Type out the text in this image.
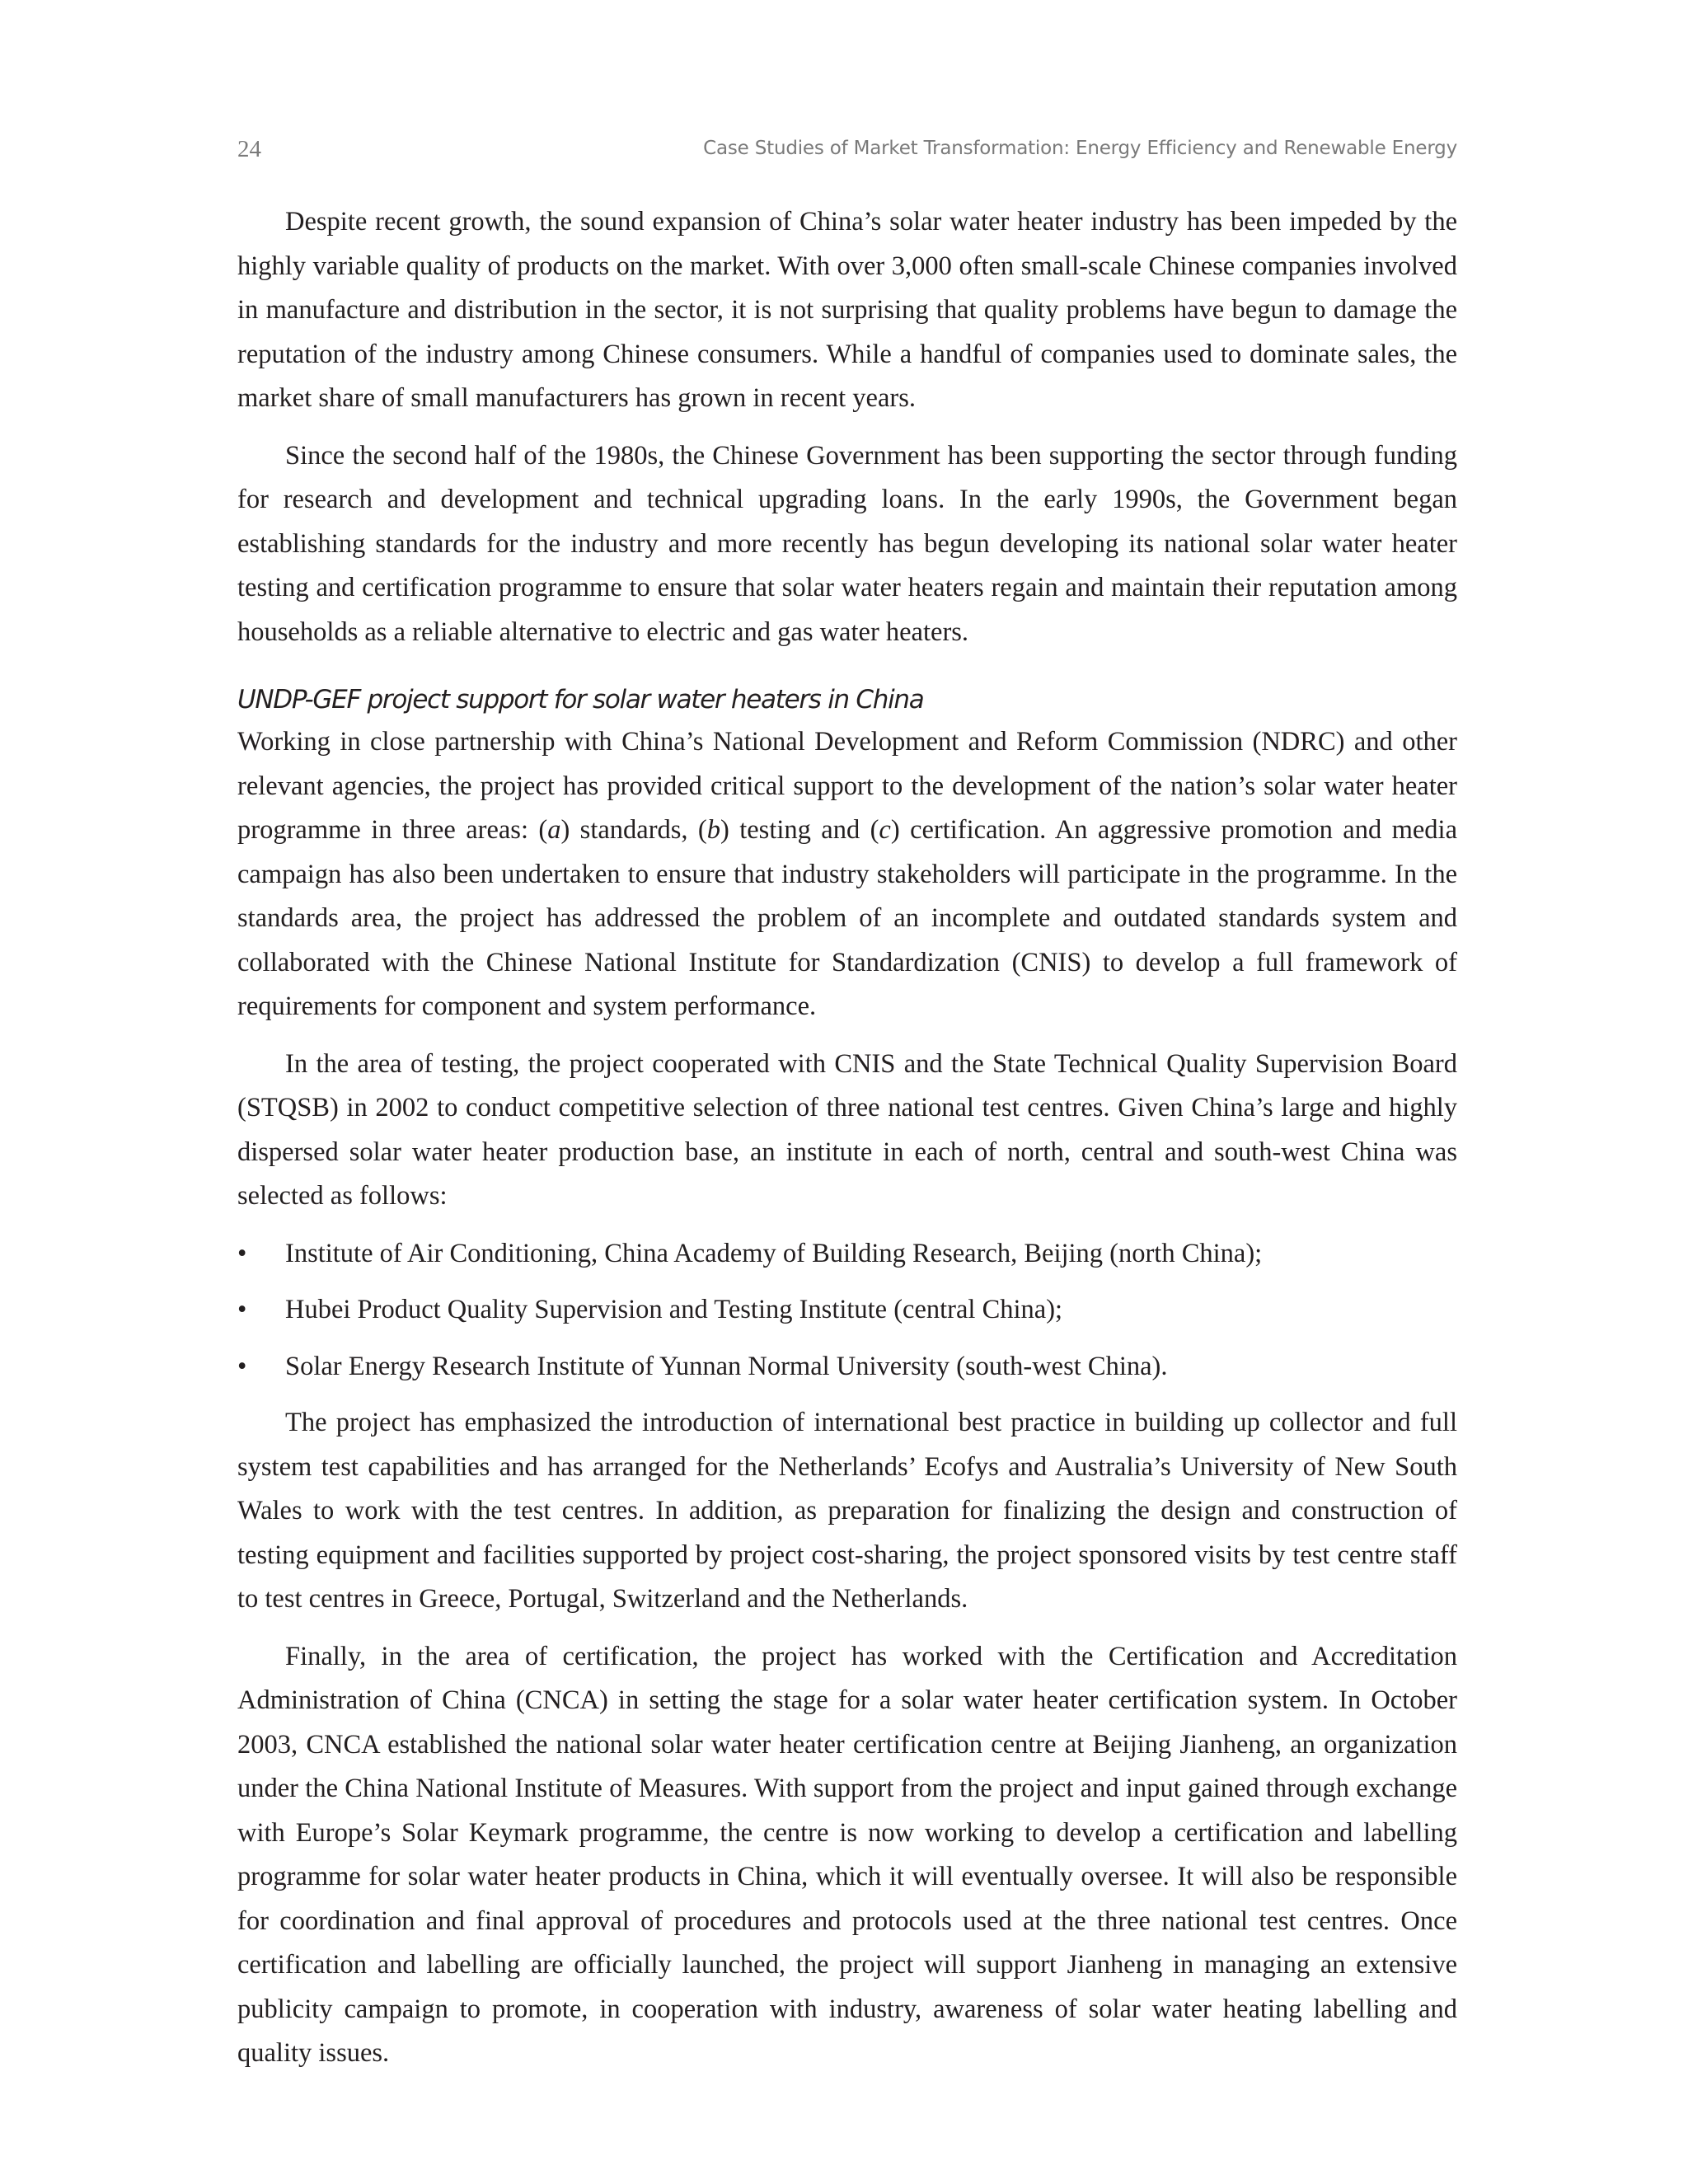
24	Case Studies of Market Transformation: Energy Efficiency and Renewable Energy

Despite recent growth, the sound expansion of China’s solar water heater industry has been impeded by the highly variable quality of products on the market. With over 3,000 often small-scale Chinese companies involved in manufacture and distribution in the sector, it is not surprising that quality problems have begun to damage the reputation of the industry among Chinese consumers. While a handful of companies used to dominate sales, the market share of small manufacturers has grown in recent years.

Since the second half of the 1980s, the Chinese Government has been supporting the sector through funding for research and development and technical upgrading loans. In the early 1990s, the Government began establishing standards for the industry and more recently has begun developing its national solar water heater testing and certification programme to ensure that solar water heaters regain and maintain their reputation among households as a reliable alternative to electric and gas water heaters.

UNDP-GEF project support for solar water heaters in China

Working in close partnership with China’s National Development and Reform Commission (NDRC) and other relevant agencies, the project has provided critical support to the development of the nation’s solar water heater programme in three areas: (a) standards, (b) testing and (c) certification. An aggressive promotion and media campaign has also been undertaken to ensure that industry stakeholders will participate in the programme. In the standards area, the project has addressed the problem of an incomplete and outdated standards system and collaborated with the Chinese National Institute for Standardization (CNIS) to develop a full framework of requirements for component and system performance.

In the area of testing, the project cooperated with CNIS and the State Technical Quality Supervision Board (STQSB) in 2002 to conduct competitive selection of three national test centres. Given China’s large and highly dispersed solar water heater production base, an institute in each of north, central and south-west China was selected as follows:

• Institute of Air Conditioning, China Academy of Building Research, Beijing (north China);
• Hubei Product Quality Supervision and Testing Institute (central China);
• Solar Energy Research Institute of Yunnan Normal University (south-west China).

The project has emphasized the introduction of international best practice in building up collector and full system test capabilities and has arranged for the Netherlands’ Ecofys and Australia’s University of New South Wales to work with the test centres. In addition, as preparation for finalizing the design and construction of testing equipment and facilities supported by project cost-sharing, the project sponsored visits by test centre staff to test centres in Greece, Portugal, Switzerland and the Netherlands.

Finally, in the area of certification, the project has worked with the Certification and Accreditation Administration of China (CNCA) in setting the stage for a solar water heater certification system. In October 2003, CNCA established the national solar water heater certification centre at Beijing Jianheng, an organization under the China National Institute of Measures. With support from the project and input gained through exchange with Europe’s Solar Keymark programme, the centre is now working to develop a certification and labelling programme for solar water heater products in China, which it will eventually oversee. It will also be responsible for coordination and final approval of procedures and protocols used at the three national test centres. Once certification and labelling are officially launched, the project will support Jianheng in managing an extensive publicity campaign to promote, in cooperation with industry, awareness of solar water heating labelling and quality issues.
